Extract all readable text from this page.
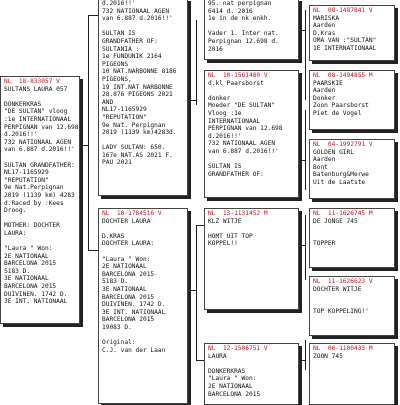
d.2016!!'
732 NATIONAAL AGEN
van 6.887 d.2016!!'

SULTAN IS
GRANDFATHER OF:
SULTANIA :
1e FUNDUNIK 2164
PIGEONS
10 NAT.NARBONNE 8186
PIGEONS,
19 INT.NAT NARBONNE
28.876 PIGEONS 2021
AND
NL17-1165929
"REPUTATION"
9e Nat. Perpignan
2019 (1139 km)4283d.

LADY SULTAN: 650.
167e NAT.AS 2021 F.
PAU 2021
NL  18-833057 V
SULTANS LAURA 057

DONKERKRAS
"DE SULTAN" vloog
:1e INTERNATIONAAL
PERPIGNAN van 12.698
d.2016!!'
732 NATIONAAL AGEN
van 6.887 d.2016!!'

SULTAN GRANDFATHER:
NL17-1165929
"REPUTATION"
9e Nat.Perpignan
2019 (1139 km) 4283
d.Raced by :Kees
Droog.

MOTHER: DOCHTER
LAURA:

"Laura " Won:
2E NATIONAAL
BARCELONA 2015
5183 D.
3E NATIONAAL
BARCELONA 2015
DUIVINEN. 1742 D.
3E INT. NATIONAAL
NL  18-1784516 V
DOCHTER LAURA

D.KRAS
DOCHTER LAURA:

"Laura " Won:
2E NATIONAAL
BARCELONA 2015
5183 D.
3E NATIONAAL
BARCELONA 2015
DUIVINEN. 1742 D.
3E INT. NATIONAAL
BARCELONA 2015
19083 D.

Original:
C.J. van der Laan
95. nat perpignan
6414 d. 2016
1e in de nk enkh.

Vader 1. Inter nat.
Perpignan 12.698 d.
2016
NL  10-1561480 V
d.kl Paarsborst

donker
Moeder "DE SULTAN"
Vloog :1e
INTERNATIONAAL
PERPIGNAN van 12.698
d.2016!!'
732 NATIONAAL AGEN
van 6.887 d.2016!!'

SULTAN IS
GRANDFATHER OF:
NL  13-1131452 M
KLZ WITJE

HOMT UIT TOP
KOPPEL!!
NL  12-1506751 V
LAURA

DONKERKRAS
"Laura " Won:
2E NATIONAAL
BARCELONA 2015
NL  08-1487841 V
MARISKA
Aarden
D.Kras
OMA VAN :"SULTAN"
1E INTERNATIONAAL
NL  08-1494855 M
PAARSKIE
Aarden
Donker
Zoon Paarsborst
Piet de Vogel
NL  04-1992791 V
GOLDEN GIRL
Aarden
Bont
Batenburg&Merwe
Uit de Laatste
NL  11-1626745 M
DE JONGE 745

TOPPER
NL  11-1626623 V
DOCHTER WITJE

TOP KOPPELING!'
NL  06-1100433 M
ZOON 745
